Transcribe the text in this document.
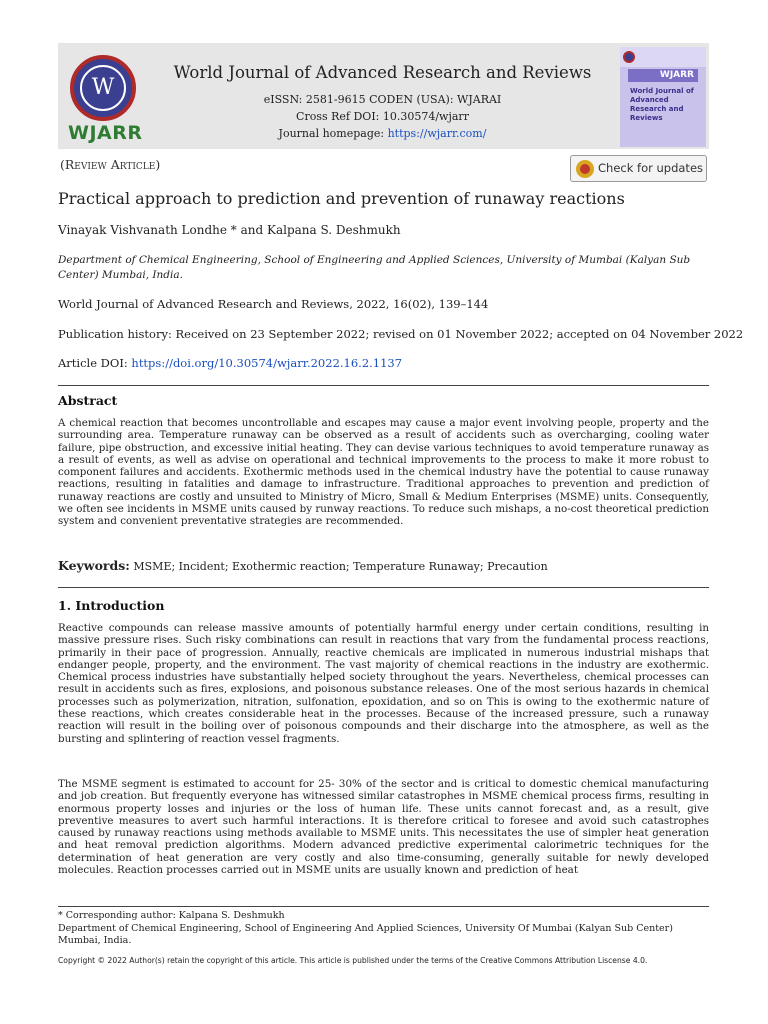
W
WJARR
World Journal of Advanced Research and Reviews
eISSN: 2581-9615 CODEN (USA): WJARAI
Cross Ref DOI: 10.30574/wjarr
Journal homepage: https://wjarr.com/
WJARR
World Journal of Advanced Research and Reviews
(Review Article)	Check for updates
Practical approach to prediction and prevention of runaway reactions
Vinayak Vishvanath Londhe * and Kalpana S. Deshmukh
Department of Chemical Engineering, School of Engineering and Applied Sciences, University of Mumbai (Kalyan Sub Center) Mumbai, India.
World Journal of Advanced Research and Reviews, 2022, 16(02), 139–144
Publication history: Received on 23 September 2022; revised on 01 November 2022; accepted on 04 November 2022
Article DOI: https://doi.org/10.30574/wjarr.2022.16.2.1137
Abstract
A chemical reaction that becomes uncontrollable and escapes may cause a major event involving people, property and the surrounding area. Temperature runaway can be observed as a result of accidents such as overcharging, cooling water failure, pipe obstruction, and excessive initial heating. They can devise various techniques to avoid temperature runaway as a result of events, as well as advise on operational and technical improvements to the process to make it more robust to component failures and accidents. Exothermic methods used in the chemical industry have the potential to cause runaway reactions, resulting in fatalities and damage to infrastructure. Traditional approaches to prevention and prediction of runaway reactions are costly and unsuited to Ministry of Micro, Small & Medium Enterprises (MSME) units. Consequently, we often see incidents in MSME units caused by runway reactions. To reduce such mishaps, a no-cost theoretical prediction system and convenient preventative strategies are recommended.
Keywords: MSME; Incident; Exothermic reaction; Temperature Runaway; Precaution
1. Introduction
Reactive compounds can release massive amounts of potentially harmful energy under certain conditions, resulting in massive pressure rises. Such risky combinations can result in reactions that vary from the fundamental process reactions, primarily in their pace of progression. Annually, reactive chemicals are implicated in numerous industrial mishaps that endanger people, property, and the environment. The vast majority of chemical reactions in the industry are exothermic. Chemical process industries have substantially helped society throughout the years. Nevertheless, chemical processes can result in accidents such as fires, explosions, and poisonous substance releases. One of the most serious hazards in chemical processes such as polymerization, nitration, sulfonation, epoxidation, and so on This is owing to the exothermic nature of these reactions, which creates considerable heat in the processes. Because of the increased pressure, such a runaway reaction will result in the boiling over of poisonous compounds and their discharge into the atmosphere, as well as the bursting and splintering of reaction vessel fragments.
The MSME segment is estimated to account for 25- 30% of the sector and is critical to domestic chemical manufacturing and job creation. But frequently everyone has witnessed similar catastrophes in MSME chemical process firms, resulting in enormous property losses and injuries or the loss of human life. These units cannot forecast and, as a result, give preventive measures to avert such harmful interactions. It is therefore critical to foresee and avoid such catastrophes caused by runaway reactions using methods available to MSME units. This necessitates the use of simpler heat generation and heat removal prediction algorithms. Modern advanced predictive experimental calorimetric techniques for the determination of heat generation are very costly and also time-consuming, generally suitable for newly developed molecules. Reaction processes carried out in MSME units are usually known and prediction of heat
* Corresponding author: Kalpana S. Deshmukh
Department of Chemical Engineering, School of Engineering And Applied Sciences, University Of Mumbai (Kalyan Sub Center) Mumbai, India.
Copyright © 2022 Author(s) retain the copyright of this article. This article is published under the terms of the Creative Commons Attribution Liscense 4.0.
